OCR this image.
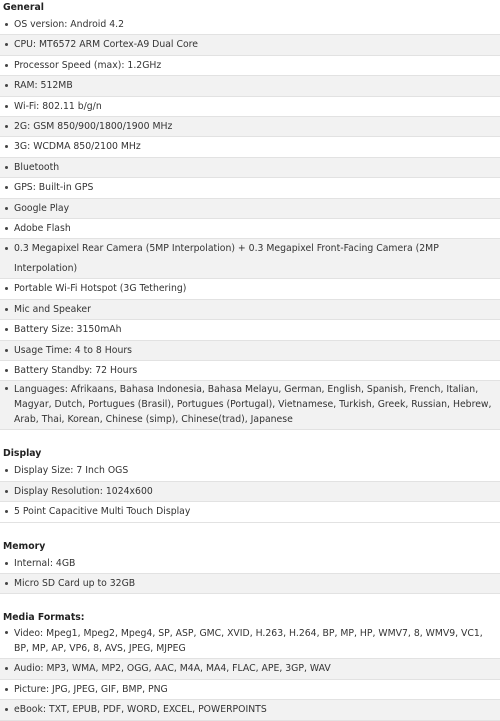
General
OS version: Android 4.2
CPU: MT6572 ARM Cortex-A9 Dual Core
Processor Speed (max): 1.2GHz
RAM: 512MB
Wi-Fi: 802.11 b/g/n
2G: GSM 850/900/1800/1900 MHz
3G: WCDMA 850/2100 MHz
Bluetooth
GPS: Built-in GPS
Google Play
Adobe Flash
0.3 Megapixel Rear Camera (5MP Interpolation) + 0.3 Megapixel Front-Facing Camera (2MP Interpolation)
Portable Wi-Fi Hotspot (3G Tethering)
Mic and Speaker
Battery Size: 3150mAh
Usage Time: 4 to 8 Hours
Battery Standby: 72 Hours
Languages: Afrikaans, Bahasa Indonesia, Bahasa Melayu, German, English, Spanish, French, Italian, Magyar, Dutch, Portugues (Brasil), Portugues (Portugal), Vietnamese, Turkish, Greek, Russian, Hebrew, Arab, Thai, Korean, Chinese (simp), Chinese(trad), Japanese
Display
Display Size: 7 Inch OGS
Display Resolution: 1024x600
5 Point Capacitive Multi Touch Display
Memory
Internal: 4GB
Micro SD Card up to 32GB
Media Formats:
Video: Mpeg1, Mpeg2, Mpeg4, SP, ASP, GMC, XVID, H.263, H.264, BP, MP, HP, WMV7, 8, WMV9, VC1, BP, MP, AP, VP6, 8, AVS, JPEG, MJPEG
Audio: MP3, WMA, MP2, OGG, AAC, M4A, MA4, FLAC, APE, 3GP, WAV
Picture: JPG, JPEG, GIF, BMP, PNG
eBook: TXT, EPUB, PDF, WORD, EXCEL, POWERPOINTS
